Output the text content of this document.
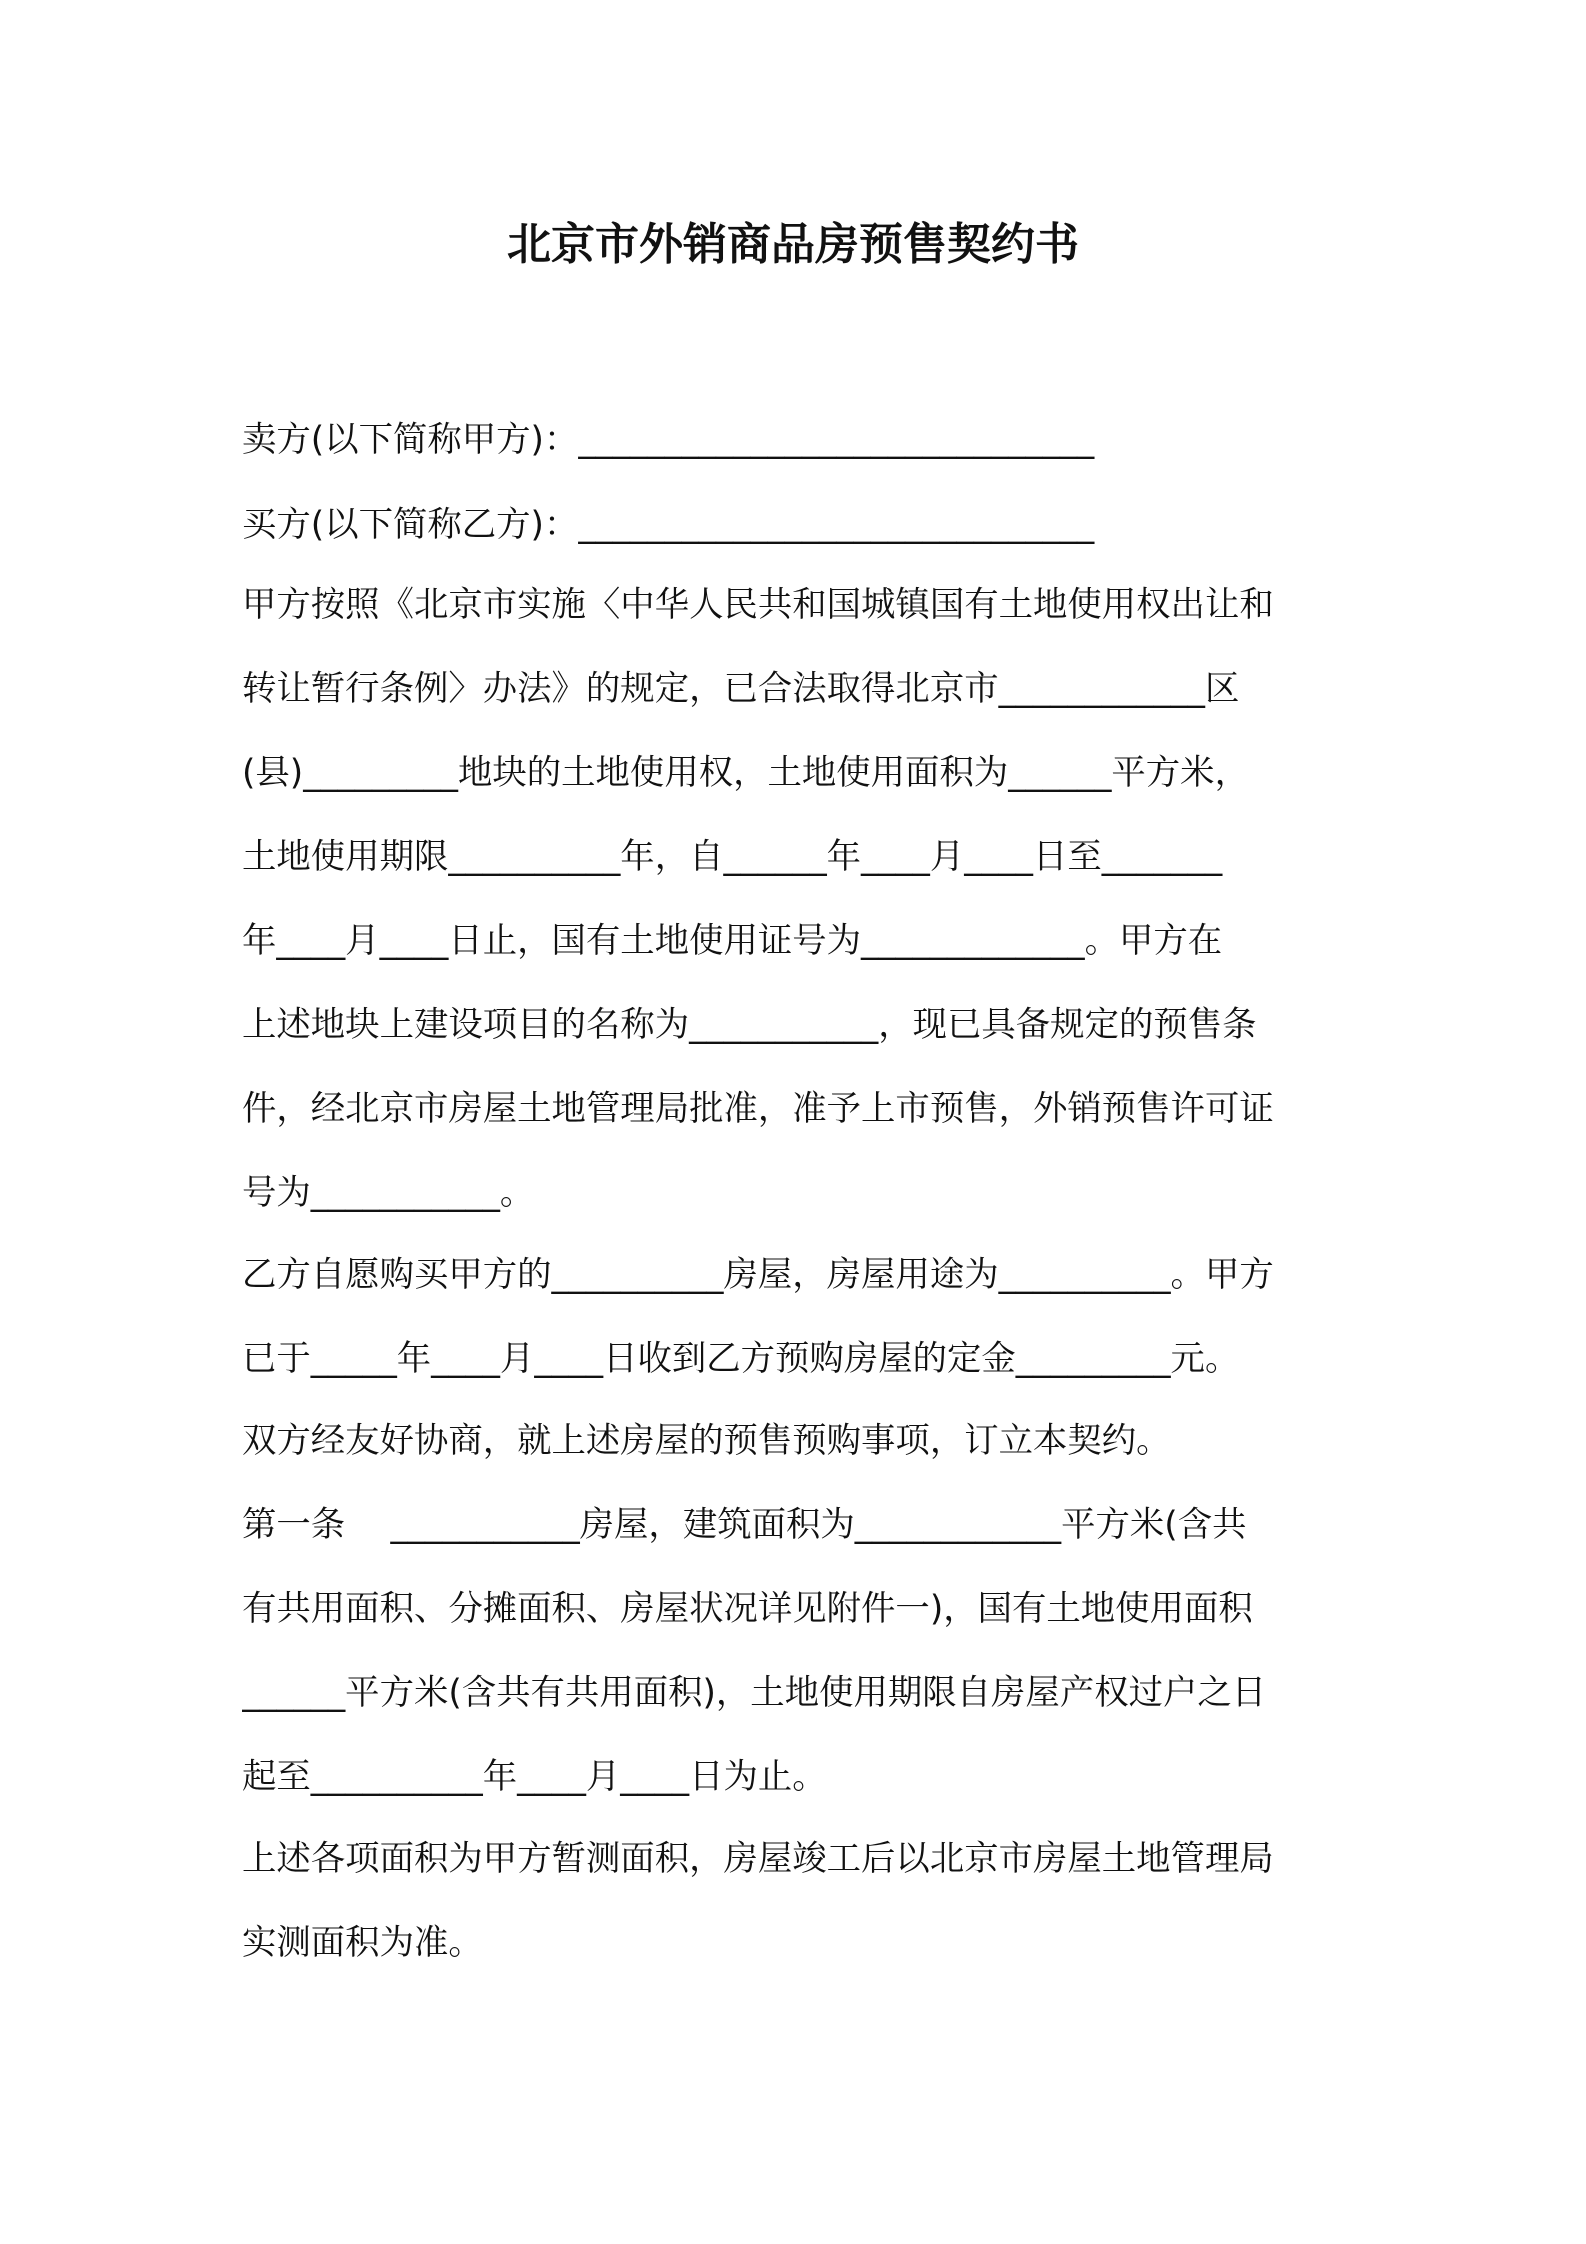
北京市外销商品房预售契约书

卖方(以下简称甲方)：______________________________

买方(以下简称乙方)：______________________________

甲方按照《北京市实施〈中华人民共和国城镇国有土地使用权出让和

转让暂行条例〉办法》的规定，已合法取得北京市____________区

(县)_________地块的土地使用权，土地使用面积为______平方米，

土地使用期限__________年，自______年____月____日至_______

年____月____日止，国有土地使用证号为_____________。甲方在

上述地块上建设项目的名称为___________，现已具备规定的预售条

件，经北京市房屋土地管理局批准，准予上市预售，外销预售许可证

号为___________。

乙方自愿购买甲方的__________房屋，房屋用途为__________。甲方

已于_____年____月____日收到乙方预购房屋的定金_________元。

双方经友好协商，就上述房屋的预售预购事项，订立本契约。

第一条　 ___________房屋，建筑面积为____________平方米(含共

有共用面积、分摊面积、房屋状况详见附件一)，国有土地使用面积

______平方米(含共有共用面积)，土地使用期限自房屋产权过户之日

起至__________年____月____日为止。

上述各项面积为甲方暂测面积，房屋竣工后以北京市房屋土地管理局

实测面积为准。
